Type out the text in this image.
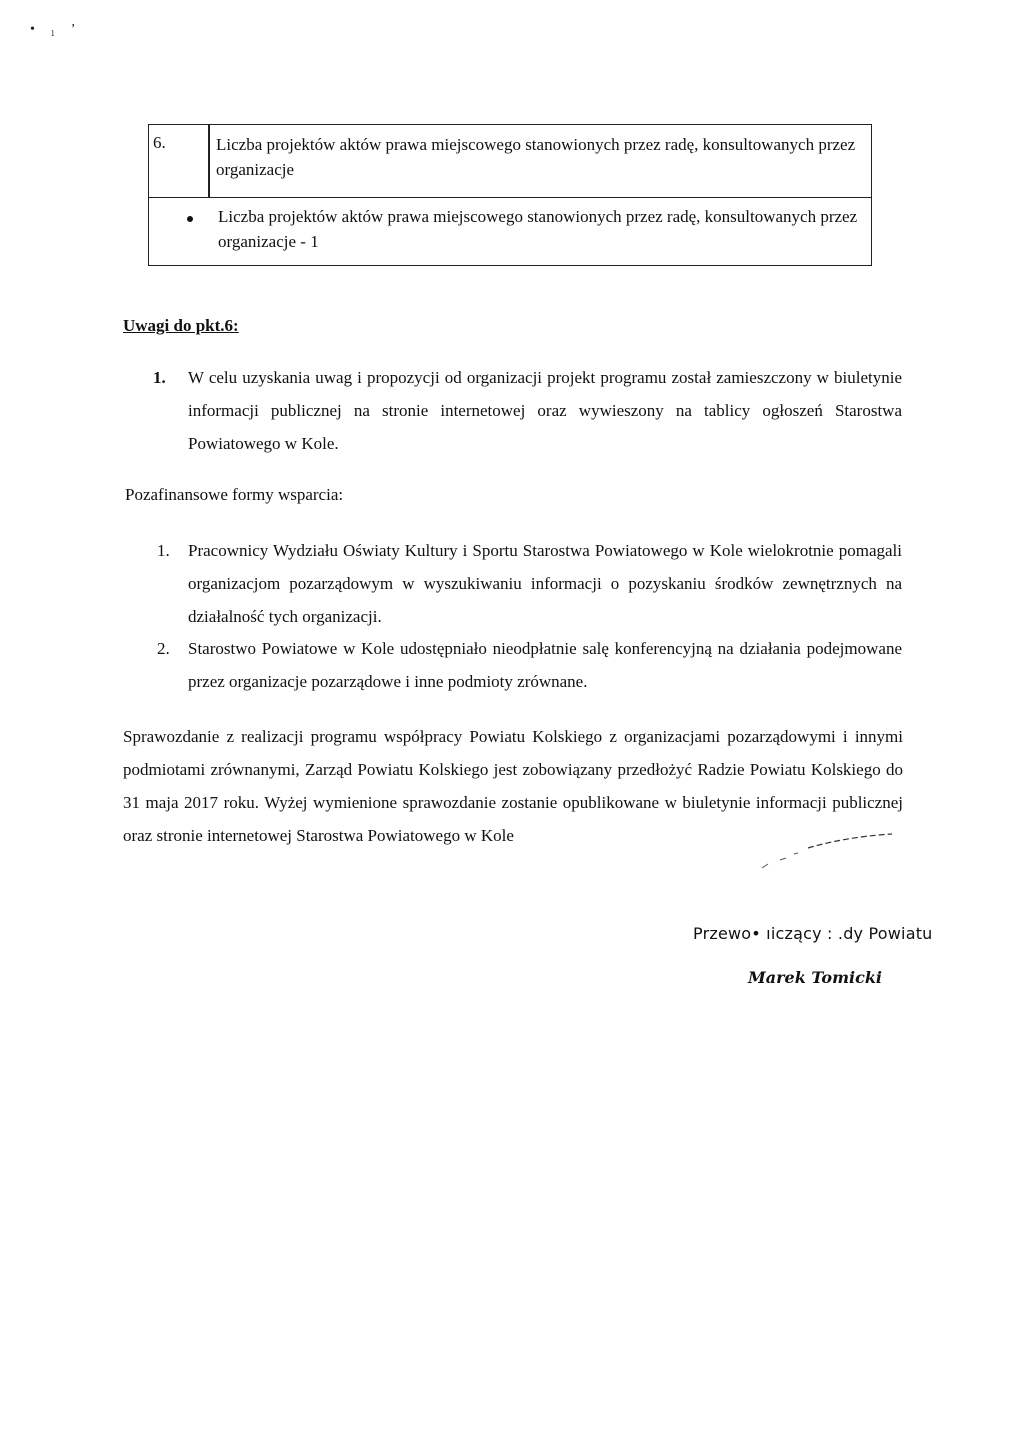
• ₁ ʼ
6.	Liczba projektów aktów prawa miejscowego stanowionych przez radę, konsultowanych przez organizacje
Liczba projektów aktów prawa miejscowego stanowionych przez radę, konsultowanych przez organizacje - 1

Uwagi do pkt.6:

1. W celu uzyskania uwag i propozycji od organizacji projekt programu został zamieszczony w biuletynie informacji publicznej na stronie internetowej oraz wywieszony na tablicy ogłoszeń Starostwa Powiatowego w Kole.

Pozafinansowe formy wsparcia:

1. Pracownicy Wydziału Oświaty Kultury i Sportu Starostwa Powiatowego w Kole wielokrotnie pomagali organizacjom pozarządowym w wyszukiwaniu informacji o pozyskaniu środków zewnętrznych na działalność tych organizacji.

2. Starostwo Powiatowe w Kole udostępniało nieodpłatnie salę konferencyjną na działania podejmowane przez organizacje pozarządowe i inne podmioty zrównane.

Sprawozdanie z realizacji programu współpracy Powiatu Kolskiego z organizacjami pozarządowymi i innymi podmiotami zrównanymi, Zarząd Powiatu Kolskiego jest zobowiązany przedłożyć Radzie Powiatu Kolskiego do 31 maja 2017 roku. Wyżej wymienione sprawozdanie zostanie opublikowane w biuletynie informacji publicznej oraz stronie internetowej Starostwa Powiatowego w Kole

Przewo• ıiczący : .dy Powiatu
Marek Tomicki
